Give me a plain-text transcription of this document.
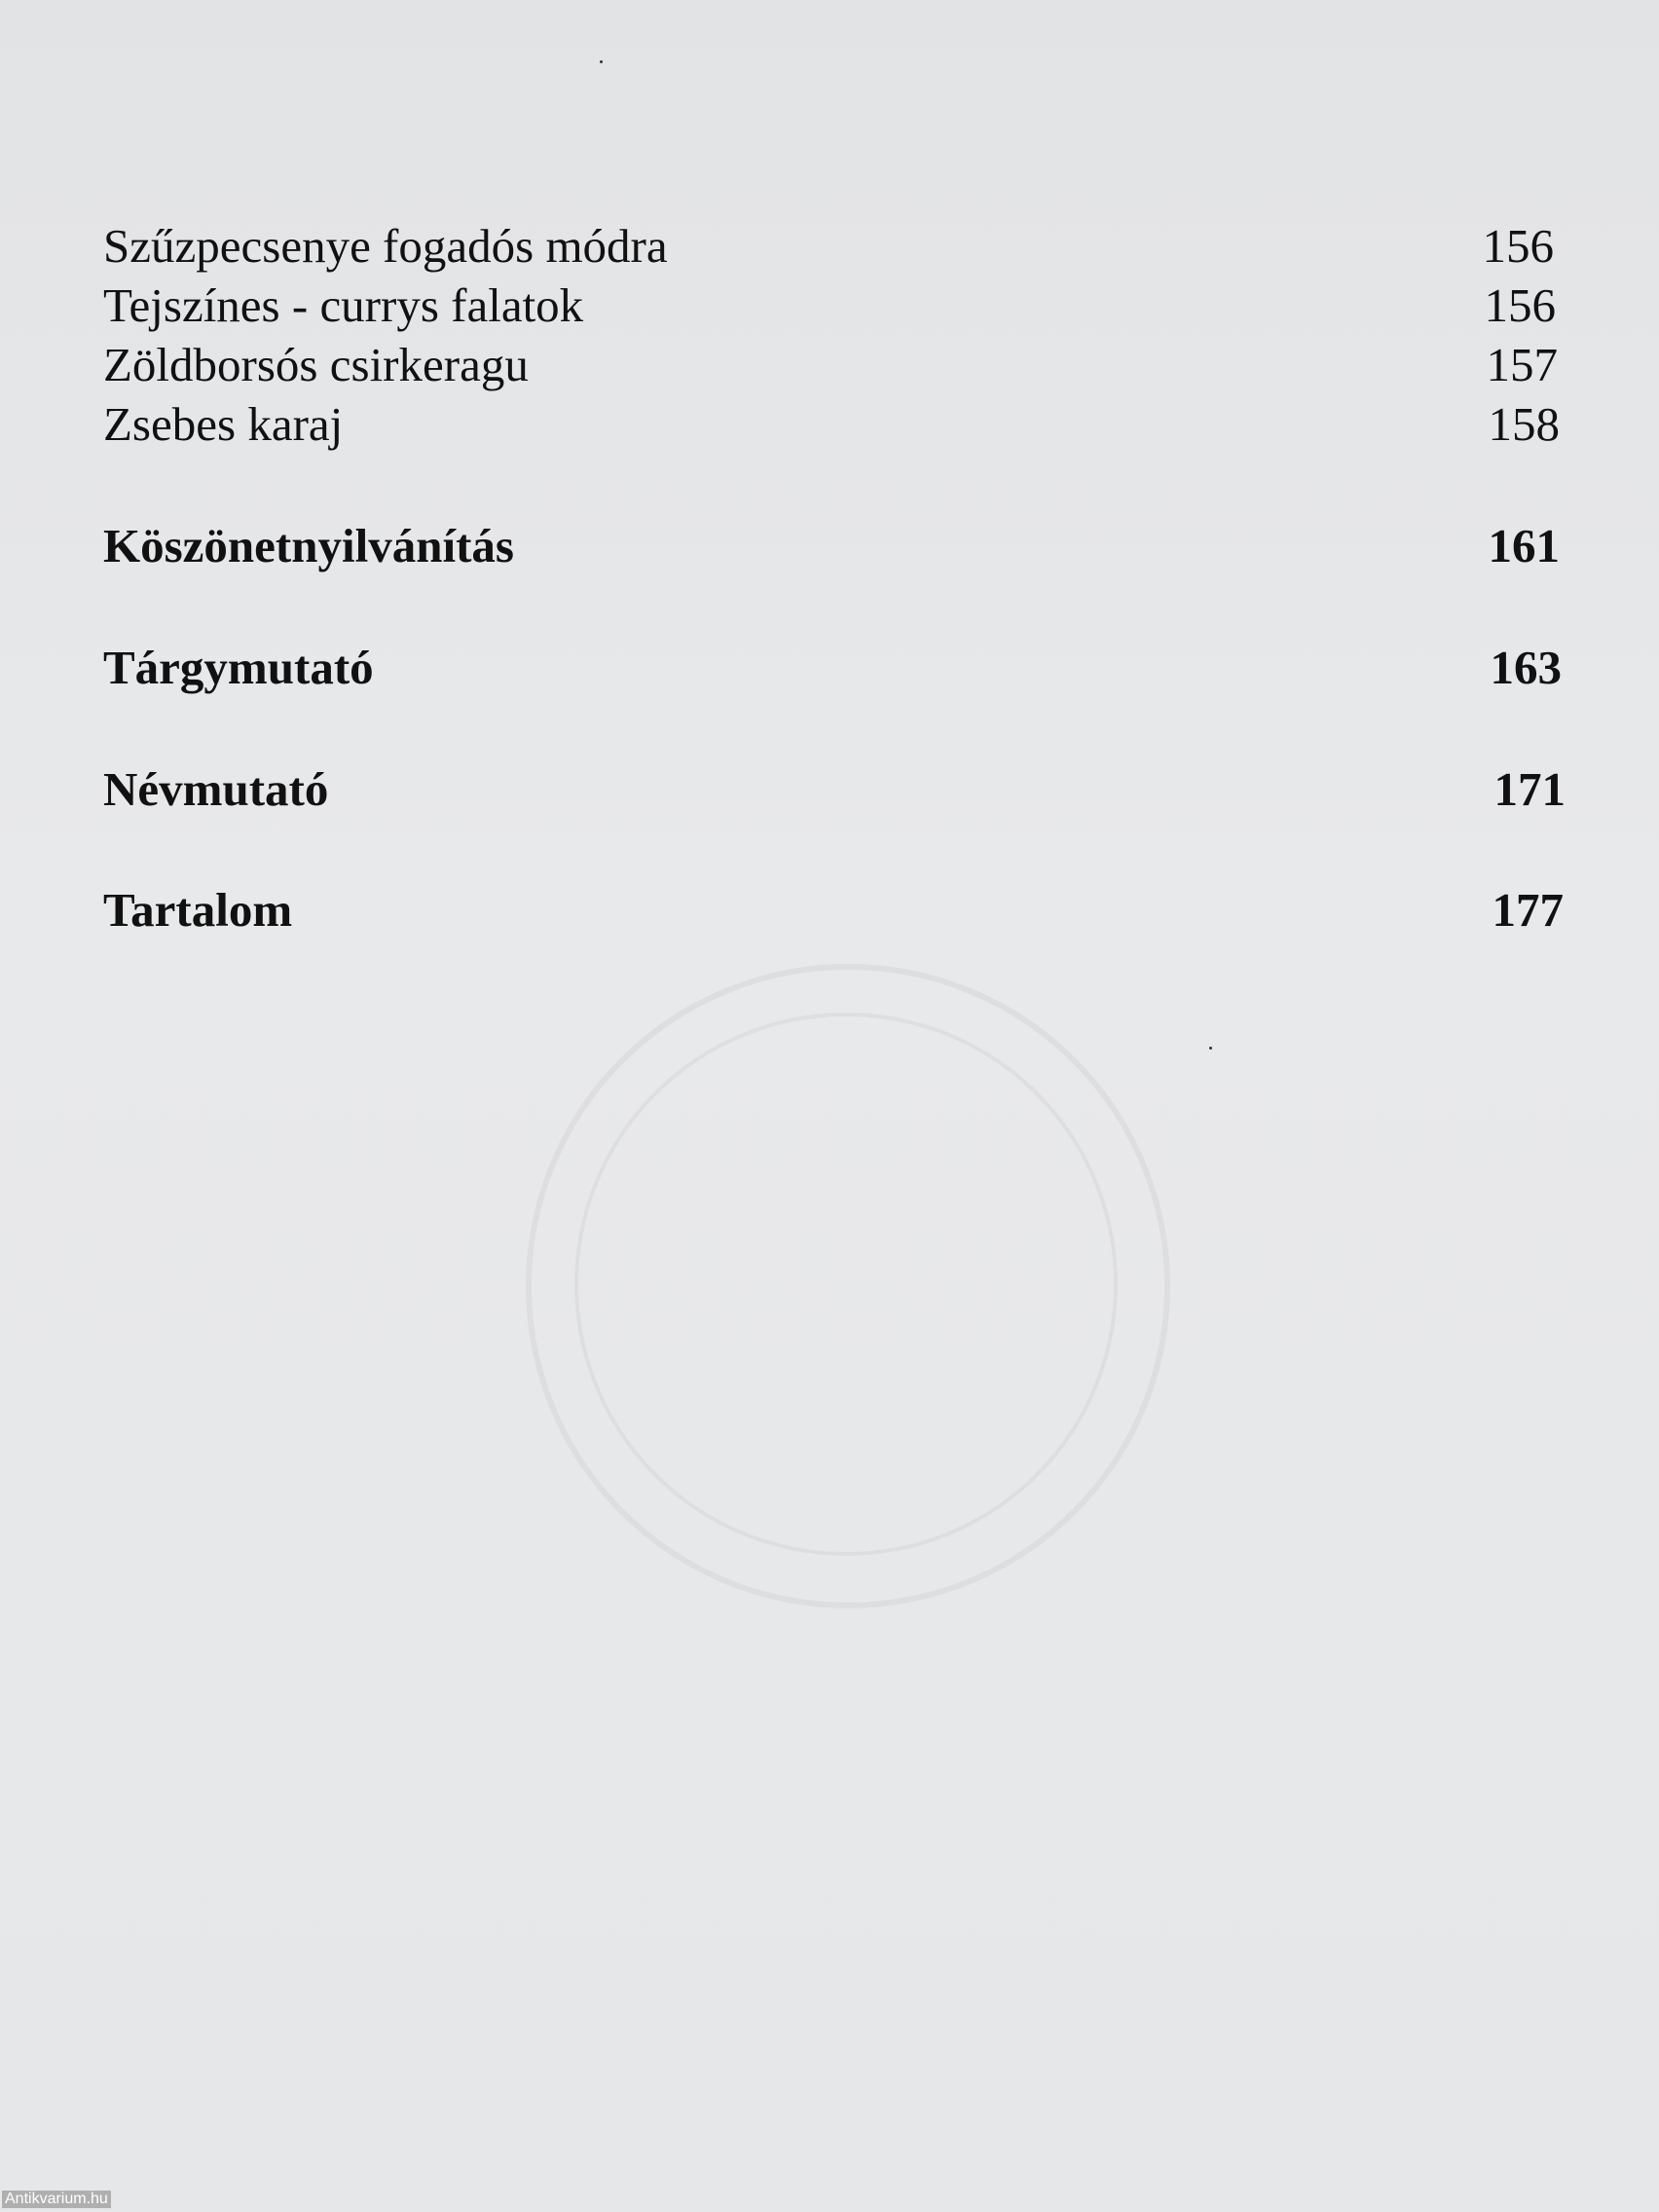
Szűzpecsenye fogadós módra	156
Tejszínes - currys falatok	156
Zöldborsós csirkeragu	157
Zsebes karaj	158
Köszönetnyilvánítás	161
Tárgymutató	163
Névmutató	171
Tartalom	177
Antikvarium.hu
